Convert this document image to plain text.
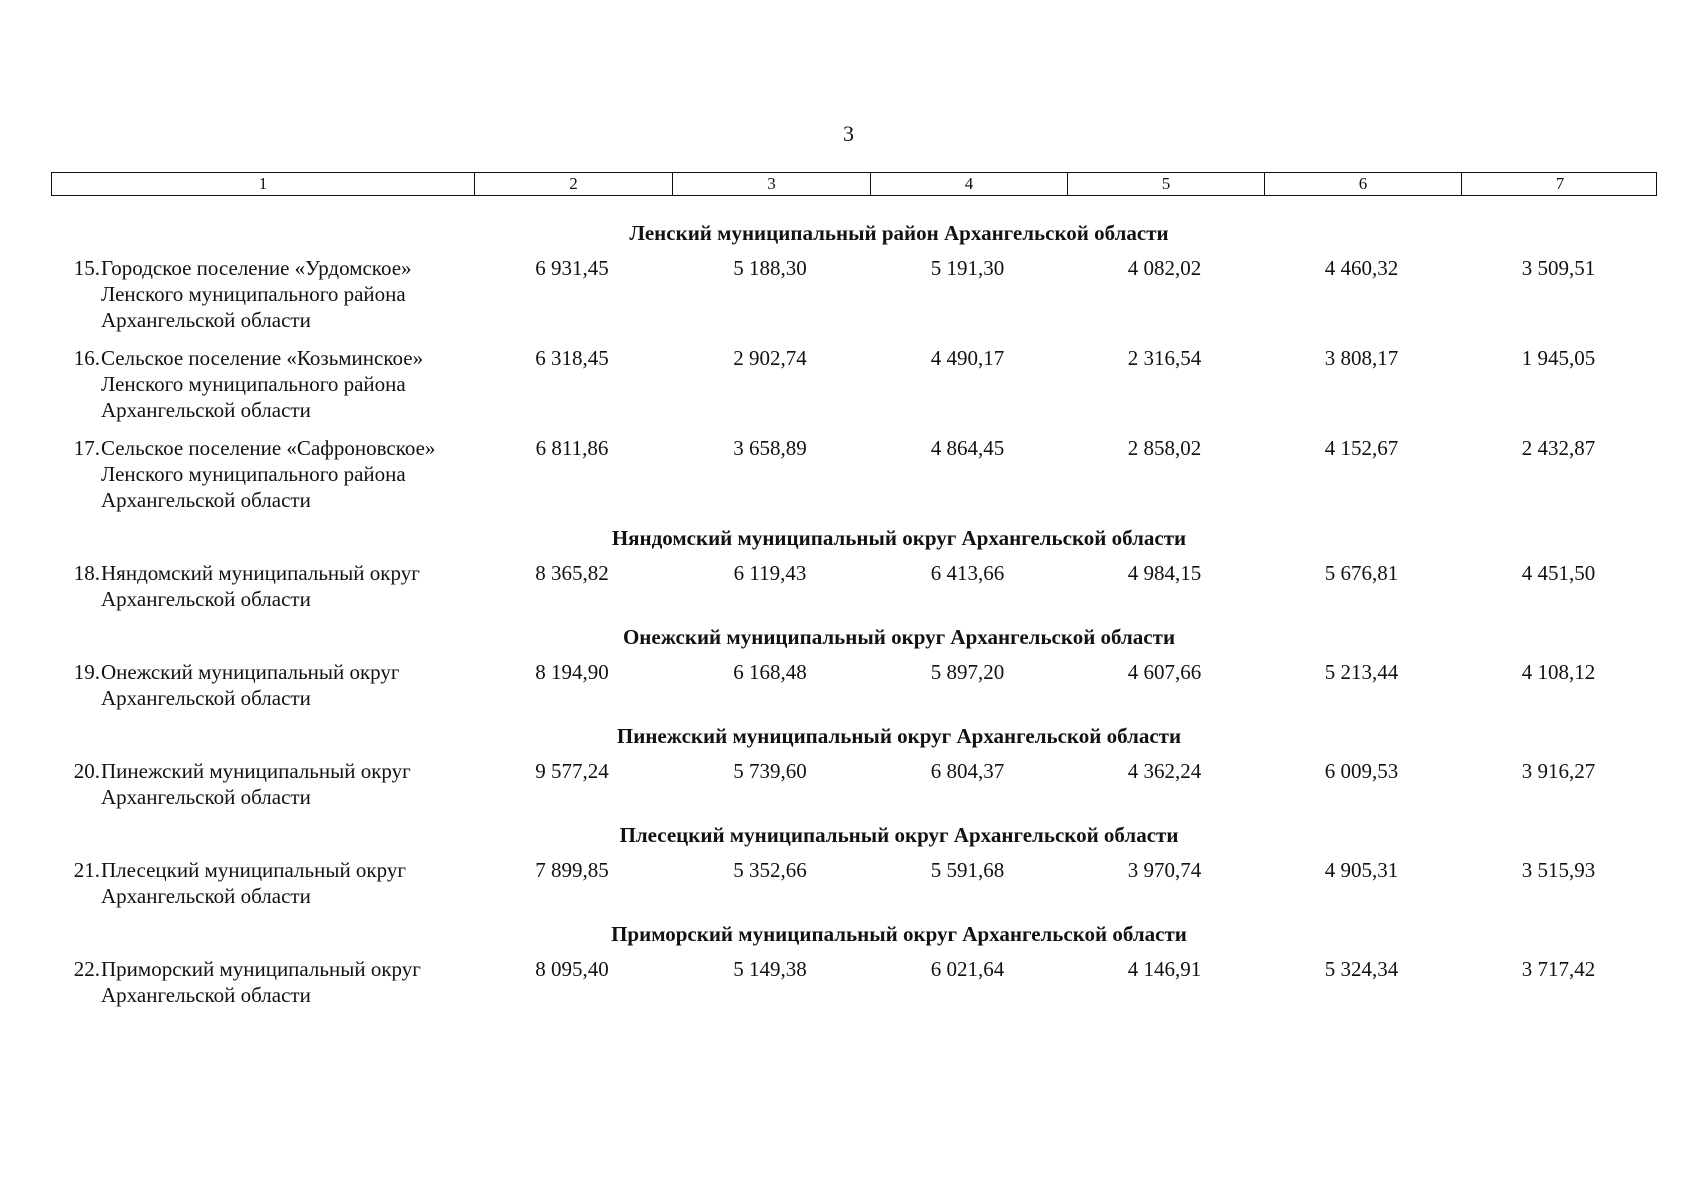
3
1	2	3	4	5	6	7
Ленский муниципальный район Архангельской области
15. Городское поселение «Урдомское»
Ленского муниципального района
Архангельской области
6 931,45	5 188,30	5 191,30	4 082,02	4 460,32	3 509,51
16. Сельское поселение «Козьминское»
Ленского муниципального района
Архангельской области
6 318,45	2 902,74	4 490,17	2 316,54	3 808,17	1 945,05
17. Сельское поселение «Сафроновское»
Ленского муниципального района
Архангельской области
6 811,86	3 658,89	4 864,45	2 858,02	4 152,67	2 432,87
Няндомский муниципальный округ Архангельской области
18. Няндомский муниципальный округ
Архангельской области
8 365,82	6 119,43	6 413,66	4 984,15	5 676,81	4 451,50
Онежский муниципальный округ Архангельской области
19. Онежский муниципальный округ
Архангельской области
8 194,90	6 168,48	5 897,20	4 607,66	5 213,44	4 108,12
Пинежский муниципальный округ Архангельской области
20. Пинежский муниципальный округ
Архангельской области
9 577,24	5 739,60	6 804,37	4 362,24	6 009,53	3 916,27
Плесецкий муниципальный округ Архангельской области
21. Плесецкий муниципальный округ
Архангельской области
7 899,85	5 352,66	5 591,68	3 970,74	4 905,31	3 515,93
Приморский муниципальный округ Архангельской области
22. Приморский муниципальный округ
Архангельской области
8 095,40	5 149,38	6 021,64	4 146,91	5 324,34	3 717,42
